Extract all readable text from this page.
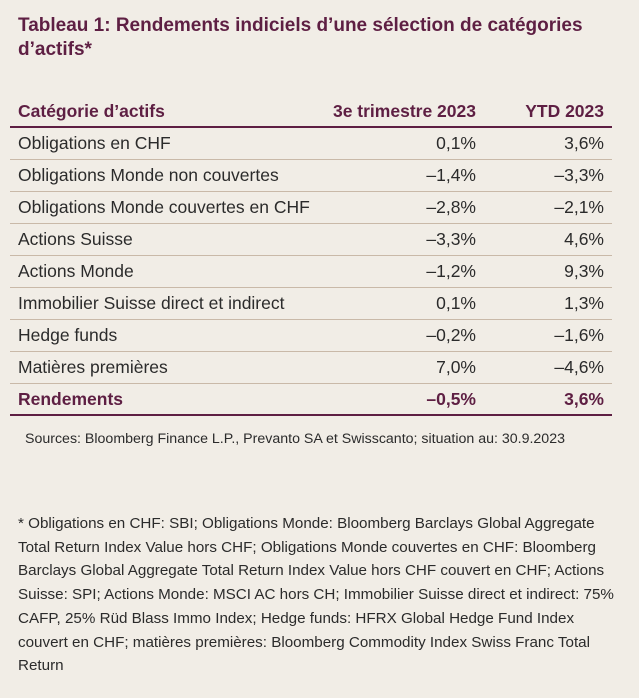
Tableau 1: Rendements indiciels d’une sélection de catégories d’actifs*
Catégorie d’actifs	3e trimestre 2023	YTD 2023
Obligations en CHF	0,1%	3,6%
Obligations Monde non couvertes	–1,4%	–3,3%
Obligations Monde couvertes en CHF	–2,8%	–2,1%
Actions Suisse	–3,3%	4,6%
Actions Monde	–1,2%	9,3%
Immobilier Suisse direct et indirect	0,1%	1,3%
Hedge funds	–0,2%	–1,6%
Matières premières	7,0%	–4,6%
Rendements	–0,5%	3,6%
Sources: Bloomberg Finance L.P., Prevanto SA et Swisscanto; situation au: 30.9.2023
* Obligations en CHF: SBI; Obligations Monde: Bloomberg Barclays Global Aggregate Total Return Index Value hors CHF; Obligations Monde couvertes en CHF: Bloomberg Barclays Global Aggregate Total Return Index Value hors CHF couvert en CHF; Actions Suisse: SPI; Actions Monde: MSCI AC hors CH; Immobilier Suisse direct et indirect: 75% CAFP, 25% Rüd Blass Immo Index; Hedge funds: HFRX Global Hedge Fund Index couvert en CHF; matières premières: Bloomberg Commodity Index Swiss Franc Total Return
